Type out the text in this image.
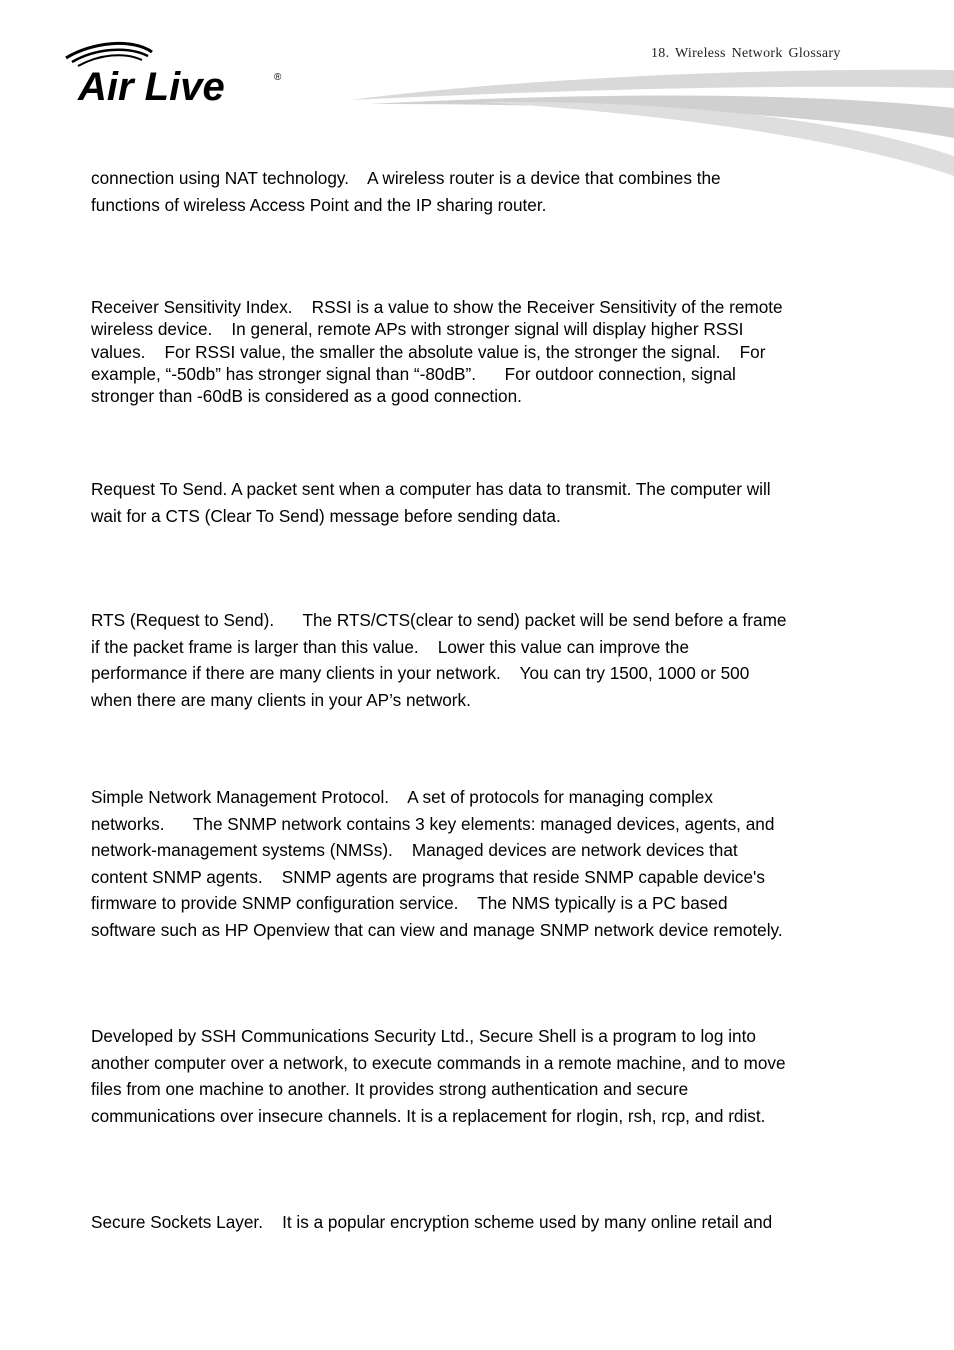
Air Live	®
18. Wireless Network Glossary
connection using NAT technology.    A wireless router is a device that combines the
functions of wireless Access Point and the IP sharing router.
Receiver Sensitivity Index.    RSSI is a value to show the Receiver Sensitivity of the remote
wireless device.    In general, remote APs with stronger signal will display higher RSSI
values.    For RSSI value, the smaller the absolute value is, the stronger the signal.    For
example, “-50db” has stronger signal than “-80dB”.      For outdoor connection, signal
stronger than -60dB is considered as a good connection.
Request To Send. A packet sent when a computer has data to transmit. The computer will
wait for a CTS (Clear To Send) message before sending data.
RTS (Request to Send).      The RTS/CTS(clear to send) packet will be send before a frame
if the packet frame is larger than this value.    Lower this value can improve the
performance if there are many clients in your network.    You can try 1500, 1000 or 500
when there are many clients in your AP’s network.
Simple Network Management Protocol.    A set of protocols for managing complex
networks.      The SNMP network contains 3 key elements: managed devices, agents, and
network-management systems (NMSs).    Managed devices are network devices that
content SNMP agents.    SNMP agents are programs that reside SNMP capable device's
firmware to provide SNMP configuration service.    The NMS typically is a PC based
software such as HP Openview that can view and manage SNMP network device remotely.
Developed by SSH Communications Security Ltd., Secure Shell is a program to log into
another computer over a network, to execute commands in a remote machine, and to move
files from one machine to another. It provides strong authentication and secure
communications over insecure channels. It is a replacement for rlogin, rsh, rcp, and rdist.
Secure Sockets Layer.    It is a popular encryption scheme used by many online retail and
